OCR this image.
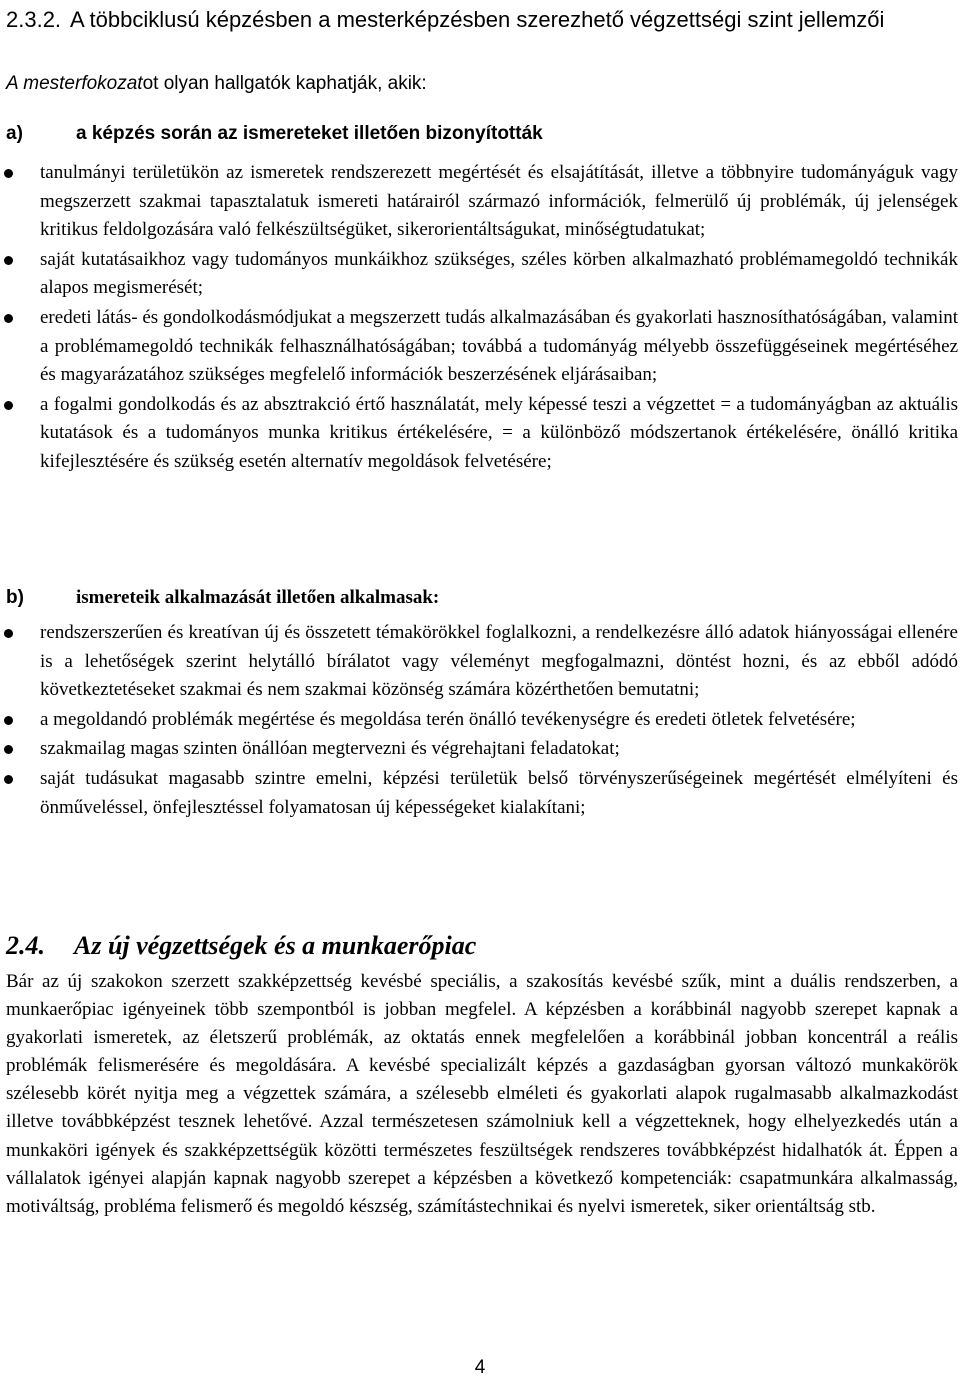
2.3.2. A többciklusú képzésben a mesterképzésben szerezhető végzettségi szint jellemzői
A mesterfokozatot olyan hallgatók kaphatják, akik:
a)	a képzés során az ismereteket illetően bizonyították
tanulmányi területükön az ismeretek rendszerezett megértését és elsajátítását, illetve a többnyire tudományáguk vagy megszerzett szakmai tapasztalatuk ismereti határairól származó információk, felmerülő új problémák, új jelenségek kritikus feldolgozására való felkészültségüket, sikerorientáltságukat, minőségtudatukat;
saját kutatásaikhoz vagy tudományos munkáikhoz szükséges, széles körben alkalmazható problémamegoldó technikák alapos megismerését;
eredeti látás- és gondolkodásmódjukat a megszerzett tudás alkalmazásában és gyakorlati hasznosíthatóságában, valamint a problémamegoldó technikák felhasználhatóságában; továbbá a tudományág mélyebb összefüggéseinek megértéséhez és magyarázatához szükséges megfelelő információk beszerzésének eljárásaiban;
a fogalmi gondolkodás és az absztrakció értő használatát, mely képessé teszi a végzettet = a tudományágban az aktuális kutatások és a tudományos munka kritikus értékelésére, = a különböző módszertanok értékelésére, önálló kritika kifejlesztésére és szükség esetén alternatív megoldások felvetésére;
b)	ismereteik alkalmazását illetően alkalmasak:
rendszerszerűen és kreatívan új és összetett témakörökkel foglalkozni, a rendelkezésre álló adatok hiányosságai ellenére is a lehetőségek szerint helytálló bírálatot vagy véleményt megfogalmazni, döntést hozni, és az ebből adódó következtetéseket szakmai és nem szakmai közönség számára közérthetően bemutatni;
a megoldandó problémák megértése és megoldása terén önálló tevékenységre és eredeti ötletek felvetésére;
szakmailag magas szinten önállóan megtervezni és végrehajtani feladatokat;
saját tudásukat magasabb szintre emelni, képzési területük belső törvényszerűségeinek megértését elmélyíteni és önműveléssel, önfejlesztéssel folyamatosan új képességeket kialakítani;
2.4. Az új végzettségek és a munkaerőpiac

Bár az új szakokon szerzett szakképzettség kevésbé speciális, a szakosítás kevésbé szűk, mint a duális rendszerben, a munkaerőpiac igényeinek több szempontból is jobban megfelel. A képzésben a korábbinál nagyobb szerepet kapnak a gyakorlati ismeretek, az életszerű problémák, az oktatás ennek megfelelően a korábbinál jobban koncentrál a reális problémák felismerésére és megoldására. A kevésbé specializált képzés a gazdaságban gyorsan változó munkakörök szélesebb körét nyitja meg a végzettek számára, a szélesebb elméleti és gyakorlati alapok rugalmasabb alkalmazkodást illetve továbbképzést tesznek lehetővé. Azzal természetesen számolniuk kell a végzetteknek, hogy elhelyezkedés után a munkaköri igények és szakképzettségük közötti természetes feszültségek rendszeres továbbképzést hidalhatók át. Éppen a vállalatok igényei alapján kapnak nagyobb szerepet a képzésben a következő kompetenciák: csapatmunkára alkalmasság, motiváltság, probléma felismerő és megoldó készség, számítástechnikai és nyelvi ismeretek, siker orientáltság stb.

4
